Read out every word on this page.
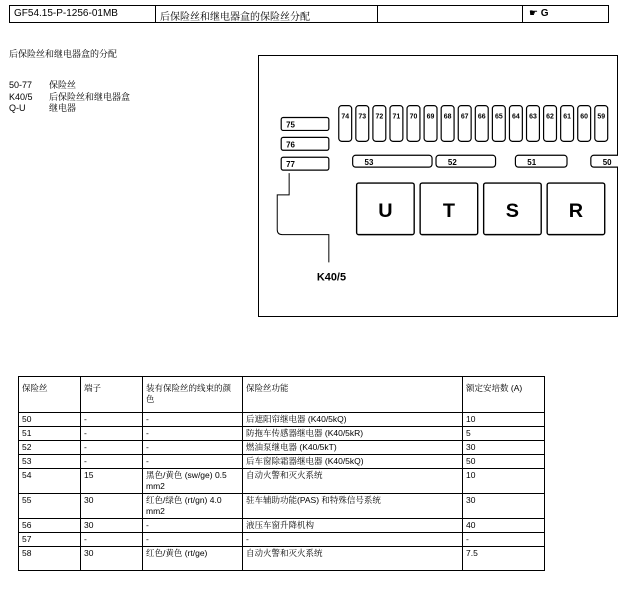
GF54.15-P-1256-01MB	后保险丝和继电器盒的保险丝分配	☛ G
后保险丝和继电器盒的分配
50-77	保险丝
K40/5	后保险丝和继电器盒
Q-U	继电器
74 73 72 71 70 69 68 67 66 65 64 63 62 61 60 59
75
76
77	53	52	51	50
U	T	S R
K40/5
保险丝	端子	装有保险丝的线束的颜色	保险丝功能	额定安培数 (A)
50	-	-	后遮阳帘继电器 (K40/5kQ)	10
51	-	-	防拖车传感器继电器 (K40/5kR)	5
52	-	-	燃油泵继电器 (K40/5kT)	30
53	-	-	后车窗除霜器继电器 (K40/5kQ)	50
54	15	黑色/黄色 (sw/ge) 0.5 mm2	自动火警和灭火系统	10
55	30	红色/绿色 (rt/gn) 4.0 mm2	驻车辅助功能(PAS) 和特殊信号系统	30
56	30	-	液压车窗升降机构	40
57	-	-	-	-
58	30	红色/黄色 (rt/ge)	自动火警和灭火系统	7.5
